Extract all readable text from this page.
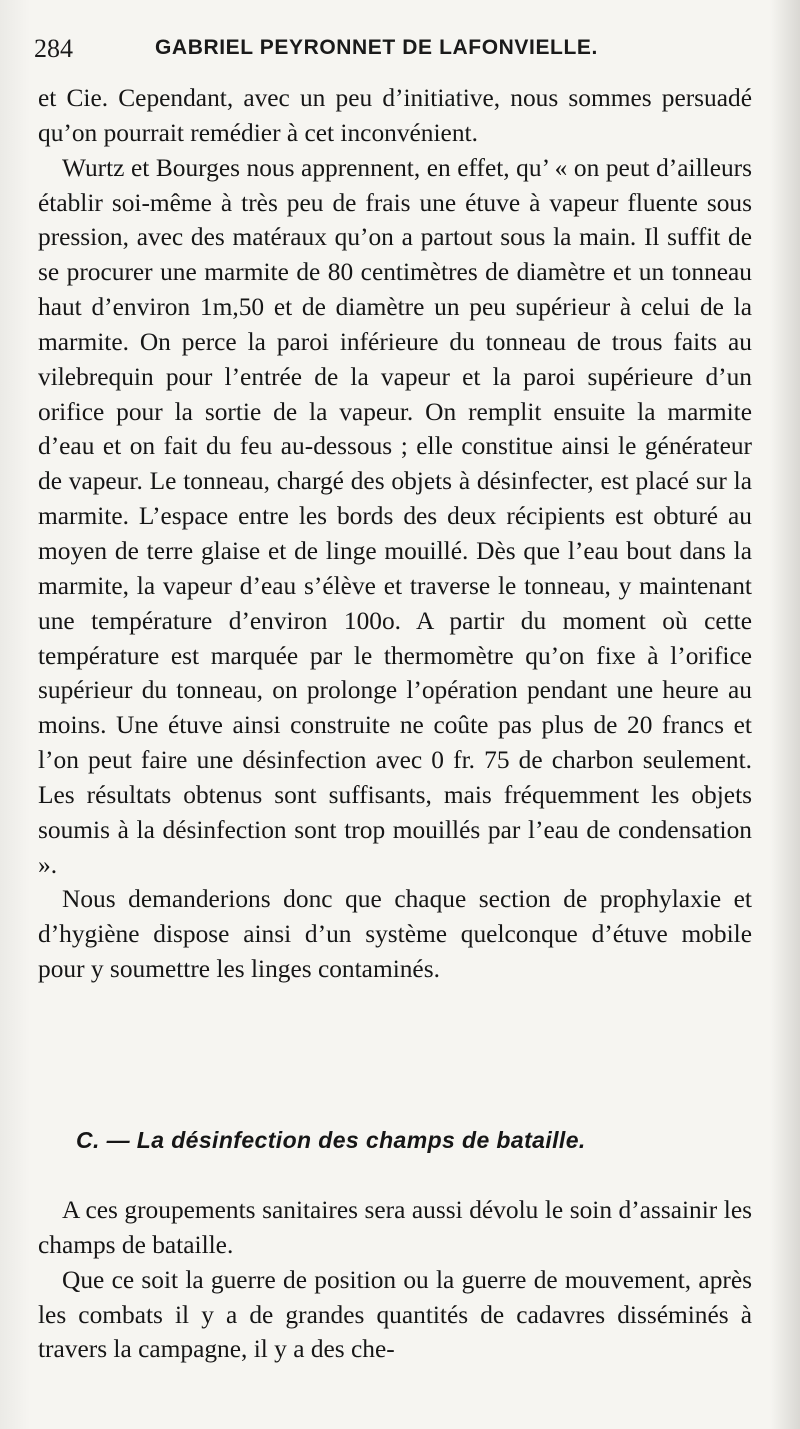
284	GABRIEL PEYRONNET DE LAFONVIELLE.

et Cie. Cependant, avec un peu d’initiative, nous sommes persuadé qu’on pourrait remédier à cet inconvénient.

Wurtz et Bourges nous apprennent, en effet, qu’ « on peut d’ailleurs établir soi-même à très peu de frais une étuve à vapeur fluente sous pression, avec des matéraux qu’on a partout sous la main. Il suffit de se procurer une marmite de 80 centimètres de diamètre et un tonneau haut d’environ 1m,50 et de diamètre un peu supérieur à celui de la marmite. On perce la paroi inférieure du tonneau de trous faits au vilebrequin pour l’entrée de la vapeur et la paroi supérieure d’un orifice pour la sortie de la vapeur. On remplit ensuite la marmite d’eau et on fait du feu au-dessous ; elle constitue ainsi le générateur de vapeur. Le tonneau, chargé des objets à désinfecter, est placé sur la marmite. L’espace entre les bords des deux récipients est obturé au moyen de terre glaise et de linge mouillé. Dès que l’eau bout dans la marmite, la vapeur d’eau s’élève et traverse le tonneau, y maintenant une température d’environ 100o. A partir du moment où cette température est marquée par le thermomètre qu’on fixe à l’orifice supérieur du tonneau, on prolonge l’opération pendant une heure au moins. Une étuve ainsi construite ne coûte pas plus de 20 francs et l’on peut faire une désinfection avec 0 fr. 75 de charbon seulement. Les résultats obtenus sont suffisants, mais fréquemment les objets soumis à la désinfection sont trop mouillés par l’eau de condensation ».

Nous demanderions donc que chaque section de prophylaxie et d’hygiène dispose ainsi d’un système quelconque d’étuve mobile pour y soumettre les linges contaminés.

C. — La désinfection des champs de bataille.

A ces groupements sanitaires sera aussi dévolu le soin d’assainir les champs de bataille.

Que ce soit la guerre de position ou la guerre de mouvement, après les combats il y a de grandes quantités de cadavres disséminés à travers la campagne, il y a des che-
